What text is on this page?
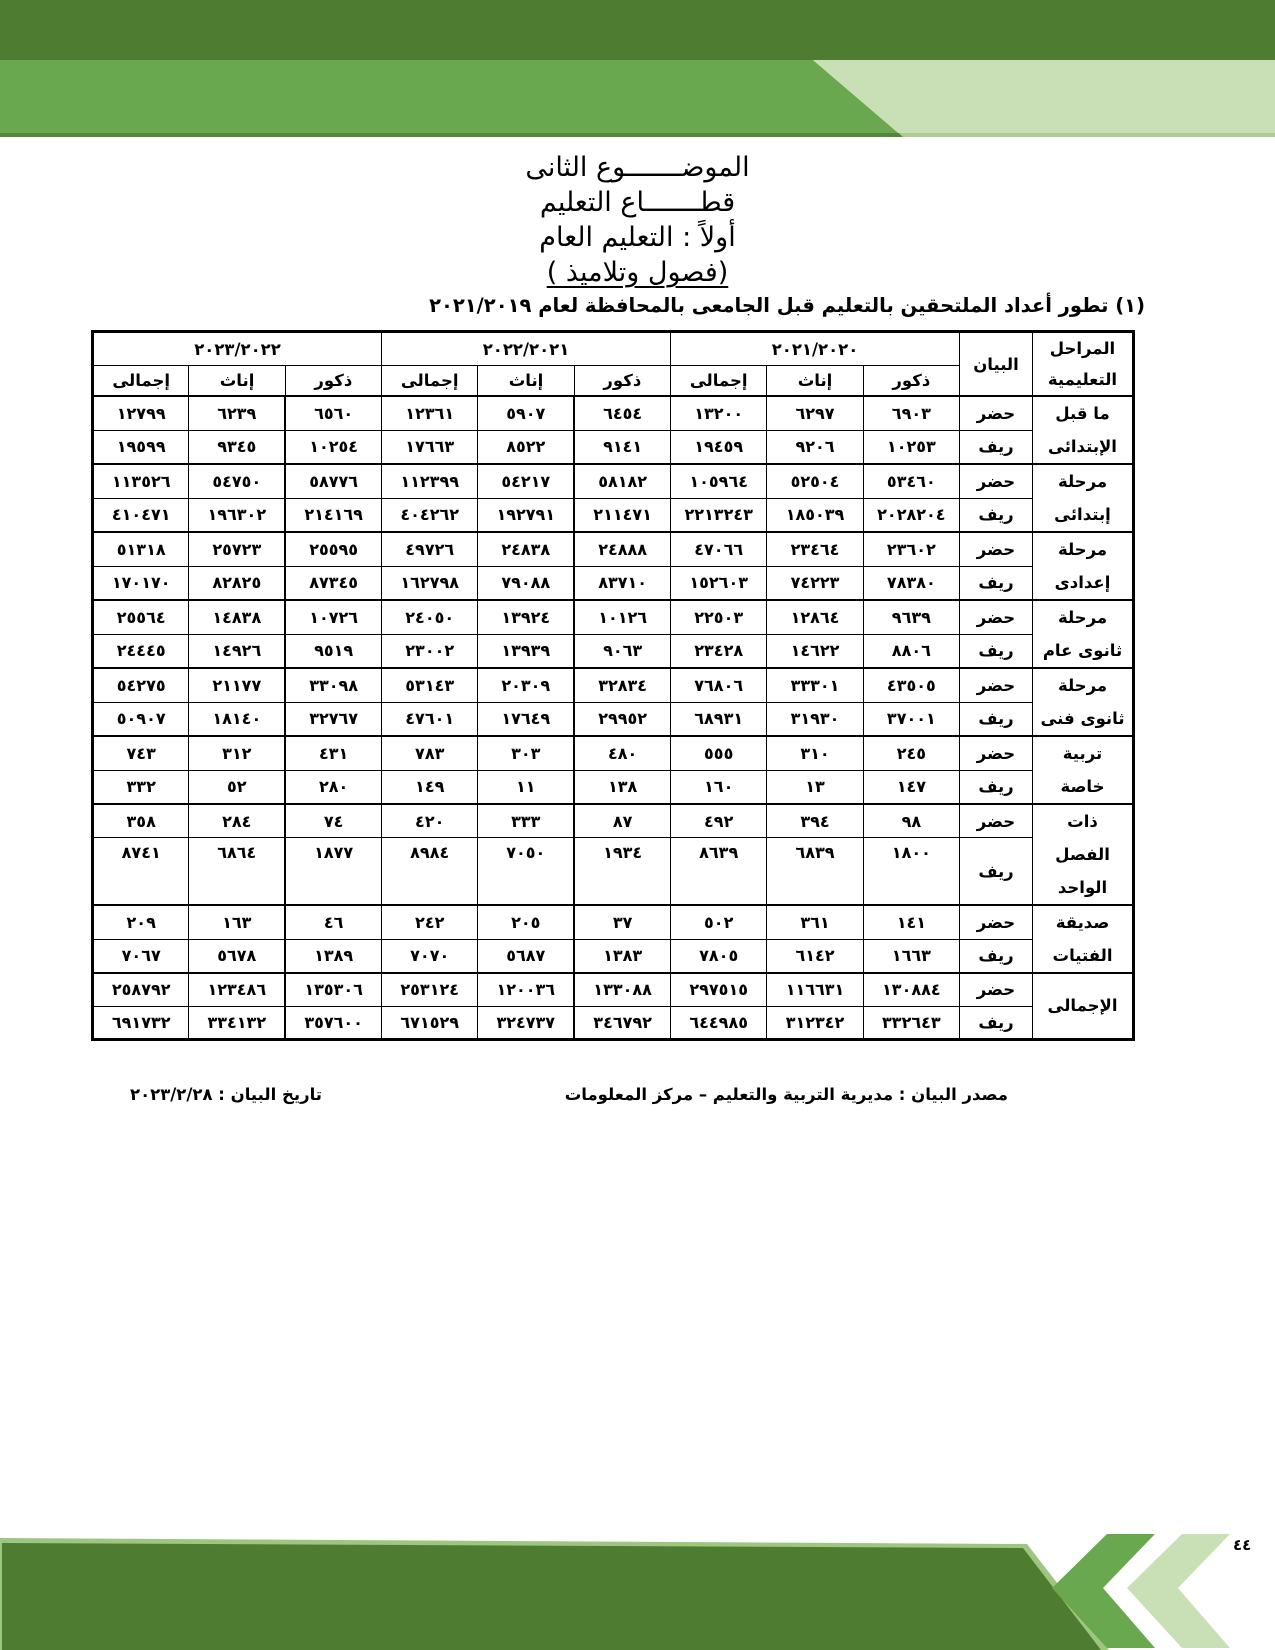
الموضـــــــوع الثانى
قطـــــــاع التعليم
أولاً : التعليم العام
(فصول وتلاميذ )
(١) تطور أعداد الملتحقين بالتعليم قبل الجامعى بالمحافظة لعام ٢٠٢١/٢٠١٩
المراحل
التعليمية	البيان	٢٠٢١/٢٠٢٠			٢٠٢٢/٢٠٢١			٢٠٢٣/٢٠٢٢		
		ذكور	إناث	إجمالى	ذكور	إناث	إجمالى	ذكور	إناث	إجمالى

ما قبل
الإبتدائى	حضر	٦٩٠٣	٦٢٩٧	١٣٢٠٠	٦٤٥٤	٥٩٠٧	١٢٣٦١	٦٥٦٠	٦٢٣٩	١٢٧٩٩
	ريف	١٠٢٥٣	٩٢٠٦	١٩٤٥٩	٩١٤١	٨٥٢٢	١٧٦٦٣	١٠٢٥٤	٩٣٤٥	١٩٥٩٩

مرحلة
إبتدائى	حضر	٥٣٤٦٠	٥٢٥٠٤	١٠٥٩٦٤	٥٨١٨٢	٥٤٢١٧	١١٢٣٩٩	٥٨٧٧٦	٥٤٧٥٠	١١٣٥٢٦
	ريف	٢٠٢٨٢٠٤	١٨٥٠٣٩	٢٢١٣٢٤٣	٢١١٤٧١	١٩٢٧٩١	٤٠٤٢٦٢	٢١٤١٦٩	١٩٦٣٠٢	٤١٠٤٧١

مرحلة
إعدادى	حضر	٢٣٦٠٢	٢٣٤٦٤	٤٧٠٦٦	٢٤٨٨٨	٢٤٨٣٨	٤٩٧٢٦	٢٥٥٩٥	٢٥٧٢٣	٥١٣١٨
	ريف	٧٨٣٨٠	٧٤٢٢٣	١٥٢٦٠٣	٨٣٧١٠	٧٩٠٨٨	١٦٢٧٩٨	٨٧٣٤٥	٨٢٨٢٥	١٧٠١٧٠

مرحلة
ثانوى عام	حضر	٩٦٣٩	١٢٨٦٤	٢٢٥٠٣	١٠١٢٦	١٣٩٢٤	٢٤٠٥٠	١٠٧٢٦	١٤٨٣٨	٢٥٥٦٤
	ريف	٨٨٠٦	١٤٦٢٢	٢٣٤٢٨	٩٠٦٣	١٣٩٣٩	٢٣٠٠٢	٩٥١٩	١٤٩٢٦	٢٤٤٤٥

مرحلة
ثانوى فنى	حضر	٤٣٥٠٥	٣٣٣٠١	٧٦٨٠٦	٣٢٨٣٤	٢٠٣٠٩	٥٣١٤٣	٣٣٠٩٨	٢١١٧٧	٥٤٢٧٥
	ريف	٣٧٠٠١	٣١٩٣٠	٦٨٩٣١	٢٩٩٥٢	١٧٦٤٩	٤٧٦٠١	٣٢٧٦٧	١٨١٤٠	٥٠٩٠٧

تربية
خاصة	حضر	٢٤٥	٣١٠	٥٥٥	٤٨٠	٣٠٣	٧٨٣	٤٣١	٣١٢	٧٤٣
	ريف	١٤٧	١٣	١٦٠	١٣٨	١١	١٤٩	٢٨٠	٥٢	٣٣٢

ذات
الفصل
الواحد	حضر	٩٨	٣٩٤	٤٩٢	٨٧	٣٣٣	٤٢٠	٧٤	٢٨٤	٣٥٨
	ريف	١٨٠٠	٦٨٣٩	٨٦٣٩	١٩٣٤	٧٠٥٠	٨٩٨٤	١٨٧٧	٦٨٦٤	٨٧٤١

صديقة
الفتيات	حضر	١٤١	٣٦١	٥٠٢	٣٧	٢٠٥	٢٤٢	٤٦	١٦٣	٢٠٩
	ريف	١٦٦٣	٦١٤٢	٧٨٠٥	١٣٨٣	٥٦٨٧	٧٠٧٠	١٣٨٩	٥٦٧٨	٧٠٦٧

الإجمالى	حضر	١٣٠٨٨٤	١١٦٦٣١	٢٩٧٥١٥	١٣٣٠٨٨	١٢٠٠٣٦	٢٥٣١٢٤	١٣٥٣٠٦	١٢٣٤٨٦	٢٥٨٧٩٢
	ريف	٣٣٢٦٤٣	٣١٢٣٤٢	٦٤٤٩٨٥	٣٤٦٧٩٢	٣٢٤٧٣٧	٦٧١٥٢٩	٣٥٧٦٠٠	٣٣٤١٣٢	٦٩١٧٣٢
مصدر البيان : مديرية التربية والتعليم – مركز المعلومات
تاريخ البيان : ٢٠٢٣/٢/٢٨
٤٤
